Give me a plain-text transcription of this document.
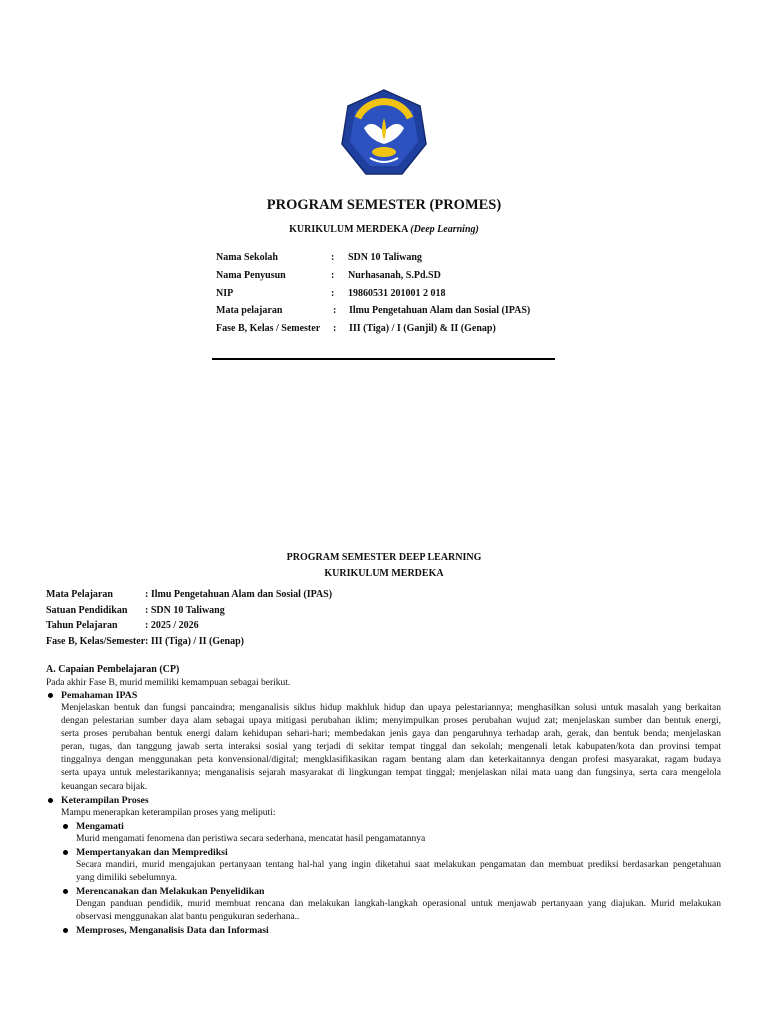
PROGRAM SEMESTER (PROMES)
KURIKULUM MERDEKA (Deep Learning)
Nama Sekolah	: SDN 10 Taliwang
Nama Penyusun	: Nurhasanah, S.Pd.SD
NIP	: 19860531 201001 2 018
Mata pelajaran	: Ilmu Pengetahuan Alam dan Sosial (IPAS)
Fase B, Kelas / Semester : III (Tiga) / I (Ganjil) & II (Genap)
PROGRAM SEMESTER DEEP LEARNING
KURIKULUM MERDEKA
Mata Pelajaran	: Ilmu Pengetahuan Alam dan Sosial (IPAS)
Satuan Pendidikan : SDN 10 Taliwang
Tahun Pelajaran	: 2025 / 2026
Fase B, Kelas/Semester : III (Tiga) / II (Genap)
A. Capaian Pembelajaran (CP)
Pada akhir Fase B, murid memiliki kemampuan sebagai berikut.
Pemahaman IPAS
Menjelaskan bentuk dan fungsi pancaindra; menganalisis siklus hidup makhluk hidup dan upaya pelestariannya; menghasilkan solusi untuk masalah yang berkaitan
dengan pelestarian sumber daya alam sebagai upaya mitigasi perubahan iklim; menyimpulkan proses perubahan wujud zat; menjelaskan sumber dan bentuk energi,
serta proses perubahan bentuk energi dalam kehidupan sehari-hari; membedakan jenis gaya dan pengaruhnya terhadap arah, gerak, dan bentuk benda; menjelaskan
peran, tugas, dan tanggung jawab serta interaksi sosial yang terjadi di sekitar tempat tinggal dan sekolah; mengenali letak kabupaten/kota dan provinsi tempat
tinggalnya dengan menggunakan peta konvensional/digital; mengklasifikasikan ragam bentang alam dan keterkaitannya dengan profesi masyarakat, ragam budaya
serta upaya untuk melestarikannya; menganalisis sejarah masyarakat di lingkungan tempat tinggal; menjelaskan nilai mata uang dan fungsinya, serta cara mengelola
keuangan secara bijak.
Keterampilan Proses
Mampu menerapkan keterampilan proses yang meliputi:
Mengamati
Murid mengamati fenomena dan peristiwa secara sederhana, mencatat hasil pengamatannya
Mempertanyakan dan Memprediksi
Secara mandiri, murid mengajukan pertanyaan tentang hal-hal yang ingin diketahui saat melakukan pengamatan dan membuat prediksi berdasarkan pengetahuan
yang dimiliki sebelumnya.
Merencanakan dan Melakukan Penyelidikan
Dengan panduan pendidik, murid membuat rencana dan melakukan langkah-langkah operasional untuk menjawab pertanyaan yang diajukan. Murid melakukan
observasi menggunakan alat bantu pengukuran sederhana..
Memproses, Menganalisis Data dan Informasi
